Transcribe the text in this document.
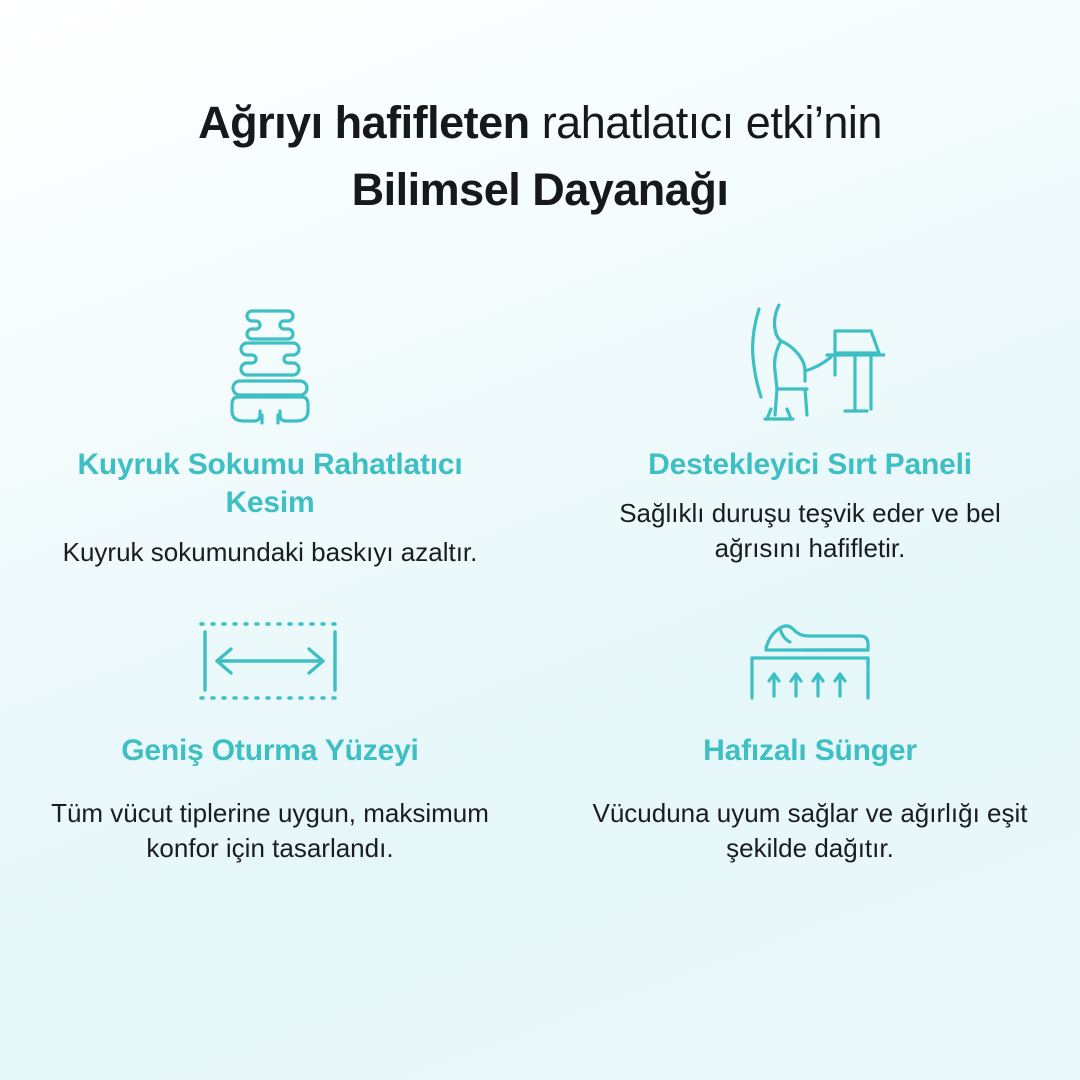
Ağrıyı hafifleten rahatlatıcı etki’nin
Bilimsel Dayanağı
Kuyruk Sokumu Rahatlatıcı Kesim
Kuyruk sokumundaki baskıyı azaltır.
Destekleyici Sırt Paneli
Sağlıklı duruşu teşvik eder ve bel ağrısını hafifletir.
Geniş Oturma Yüzeyi
Tüm vücut tiplerine uygun, maksimum konfor için tasarlandı.
Hafızalı Sünger
Vücuduna uyum sağlar ve ağırlığı eşit şekilde dağıtır.
